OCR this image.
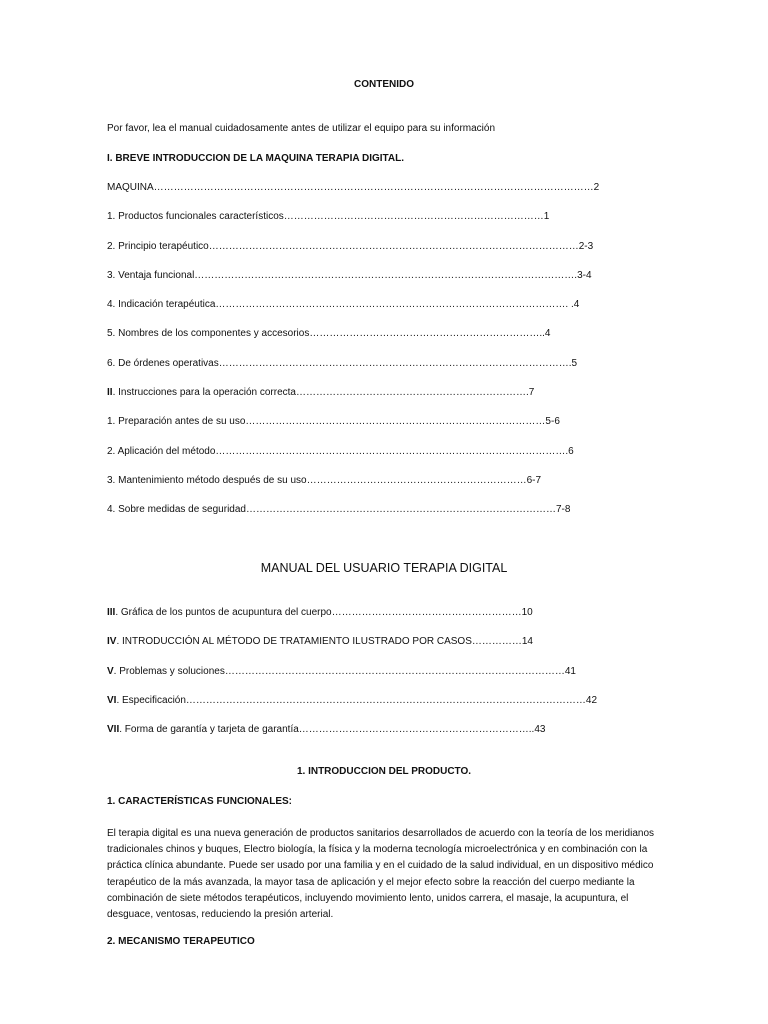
CONTENIDO
Por favor, lea el manual cuidadosamente antes de utilizar el equipo para su información
I. BREVE INTRODUCCION DE LA MAQUINA TERAPIA DIGITAL.
MAQUINA……………………………………………………………………………………………………………………2
1. Productos funcionales característicos……………………………………………………………………1
2. Principio terapéutico…………………………………………………………………………………………………2-3
3. Ventaja funcional…………………………………………………………………………………………………….3-4
4. Indicación terapéutica……………………………………………………………………………………………. .4
5. Nombres de los componentes y accesorios……………………………………………………………..4
6. De órdenes operativas…………………………………………………………………………………………….5
II. Instrucciones para la operación correcta…………………………………………………………….7
1. Preparación antes de su uso………………………………………………………………………………5-6
2. Aplicación del método…………………………………………………………………………………………….6
3. Mantenimiento método después de su uso…………………………………………………………6-7
4. Sobre medidas de seguridad…………………………………………………………………………………7-8
MANUAL DEL USUARIO TERAPIA DIGITAL
III. Gráfica de los puntos de acupuntura del cuerpo…………………………………………………10
IV. INTRODUCCIÓN AL MÉTODO DE TRATAMIENTO ILUSTRADO POR CASOS……………14
V. Problemas y soluciones…………………………………………………………………………………………41
VI. Especificación…………………………………………………………………………………………………………42
VII. Forma de garantía y tarjeta de garantía……………………………………………………………..43
1. INTRODUCCION DEL PRODUCTO.
1. CARACTERÍSTICAS FUNCIONALES:
El terapia digital es una nueva generación de productos sanitarios desarrollados de acuerdo con la teoría de los meridianos tradicionales chinos y buques, Electro biología, la física y la moderna tecnología microelectrónica y en combinación con la práctica clínica abundante. Puede ser usado por una familia y en el cuidado de la salud individual, en un dispositivo médico terapéutico de la más avanzada, la mayor tasa de aplicación y el mejor efecto sobre la reacción del cuerpo mediante la combinación de siete métodos terapéuticos, incluyendo movimiento lento, unidos carrera, el masaje, la acupuntura, el desguace, ventosas, reduciendo la presión arterial.
2. MECANISMO TERAPEUTICO
